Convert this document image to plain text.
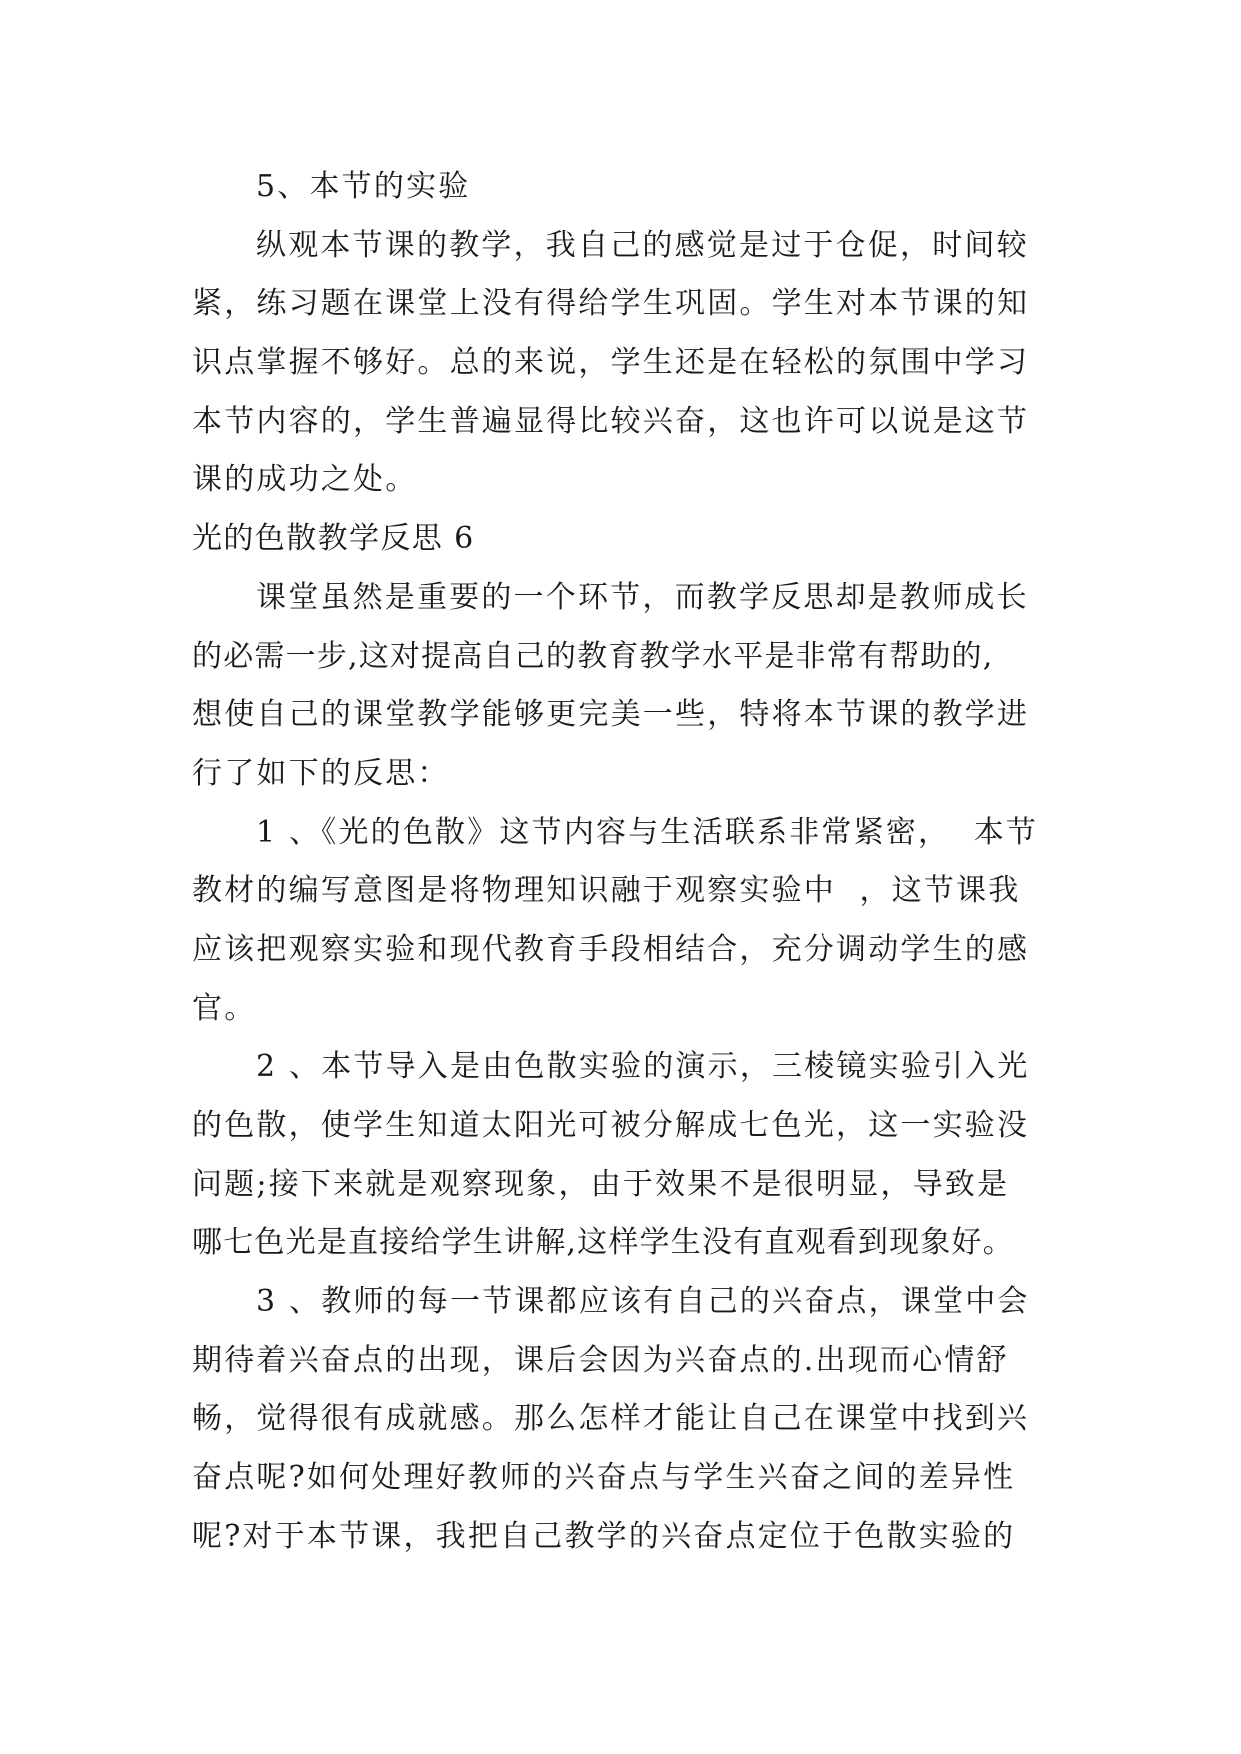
5、本节的实验
纵观本节课的教学，我自己的感觉是过于仓促，时间较
紧，练习题在课堂上没有得给学生巩固。学生对本节课的知
识点掌握不够好。总的来说，学生还是在轻松的氛围中学习
本节内容的，学生普遍显得比较兴奋，这也许可以说是这节
课的成功之处。
光的色散教学反思 6
课堂虽然是重要的一个环节，而教学反思却是教师成长
的必需一步,这对提高自己的教育教学水平是非常有帮助的,
想使自己的课堂教学能够更完美一些，特将本节课的教学进
行了如下的反思：
1 、《光的色散》这节内容与生活联系非常紧密，  本节
教材的编写意图是将物理知识融于观察实验中  ，这节课我
应该把观察实验和现代教育手段相结合，充分调动学生的感
官。
2 、本节导入是由色散实验的演示，三棱镜实验引入光
的色散，使学生知道太阳光可被分解成七色光，这一实验没
问题;接下来就是观察现象，由于效果不是很明显，导致是
哪七色光是直接给学生讲解,这样学生没有直观看到现象好。
3 、教师的每一节课都应该有自己的兴奋点，课堂中会
期待着兴奋点的出现，课后会因为兴奋点的.出现而心情舒
畅，觉得很有成就感。那么怎样才能让自己在课堂中找到兴
奋点呢?如何处理好教师的兴奋点与学生兴奋之间的差异性
呢?对于本节课，我把自己教学的兴奋点定位于色散实验的
